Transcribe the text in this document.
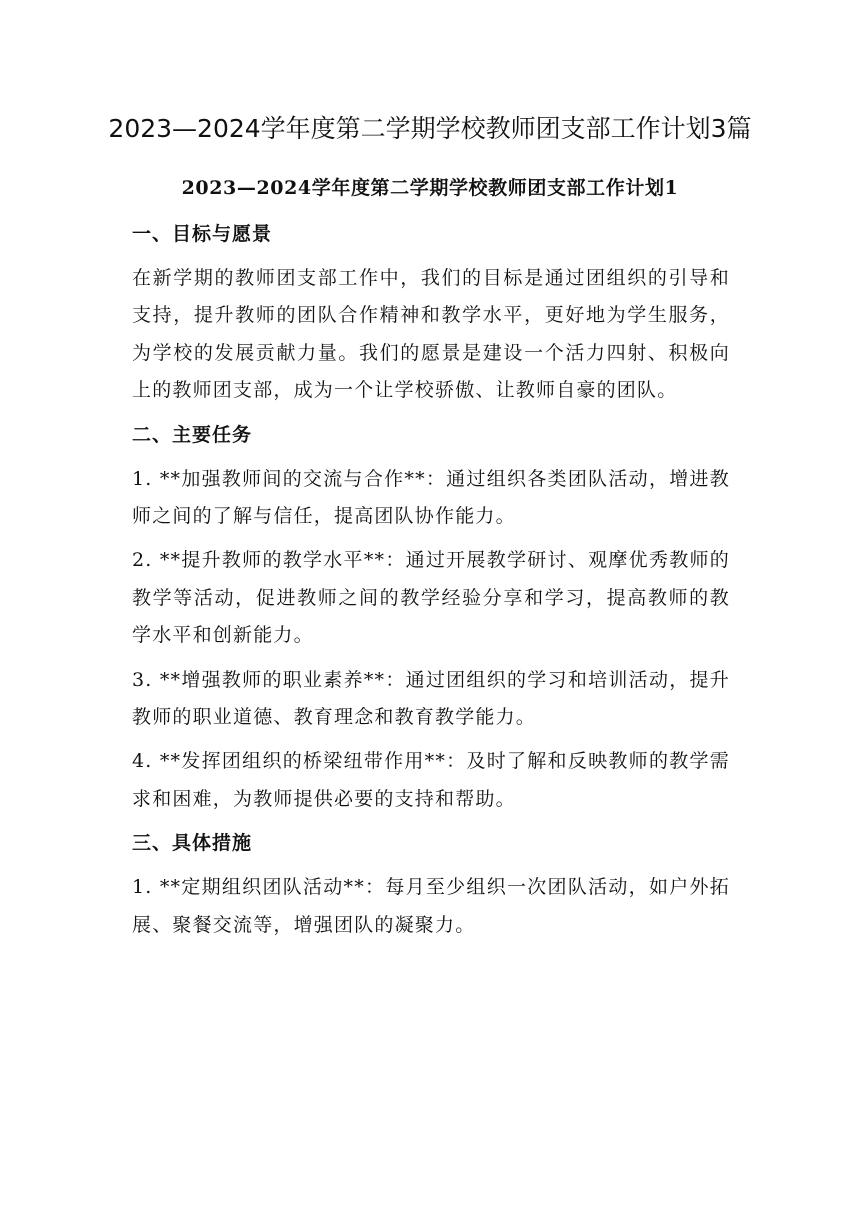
2023—2024学年度第二学期学校教师团支部工作计划3篇
2023—2024学年度第二学期学校教师团支部工作计划1
一、目标与愿景

在新学期的教师团支部工作中，我们的目标是通过团组织的引导和支持，提升教师的团队合作精神和教学水平，更好地为学生服务，为学校的发展贡献力量。我们的愿景是建设一个活力四射、积极向上的教师团支部，成为一个让学校骄傲、让教师自豪的团队。

二、主要任务

1. **加强教师间的交流与合作**：通过组织各类团队活动，增进教师之间的了解与信任，提高团队协作能力。

2. **提升教师的教学水平**：通过开展教学研讨、观摩优秀教师的教学等活动，促进教师之间的教学经验分享和学习，提高教师的教学水平和创新能力。

3. **增强教师的职业素养**：通过团组织的学习和培训活动，提升教师的职业道德、教育理念和教育教学能力。

4. **发挥团组织的桥梁纽带作用**：及时了解和反映教师的教学需求和困难，为教师提供必要的支持和帮助。

三、具体措施

1. **定期组织团队活动**：每月至少组织一次团队活动，如户外拓展、聚餐交流等，增强团队的凝聚力。
